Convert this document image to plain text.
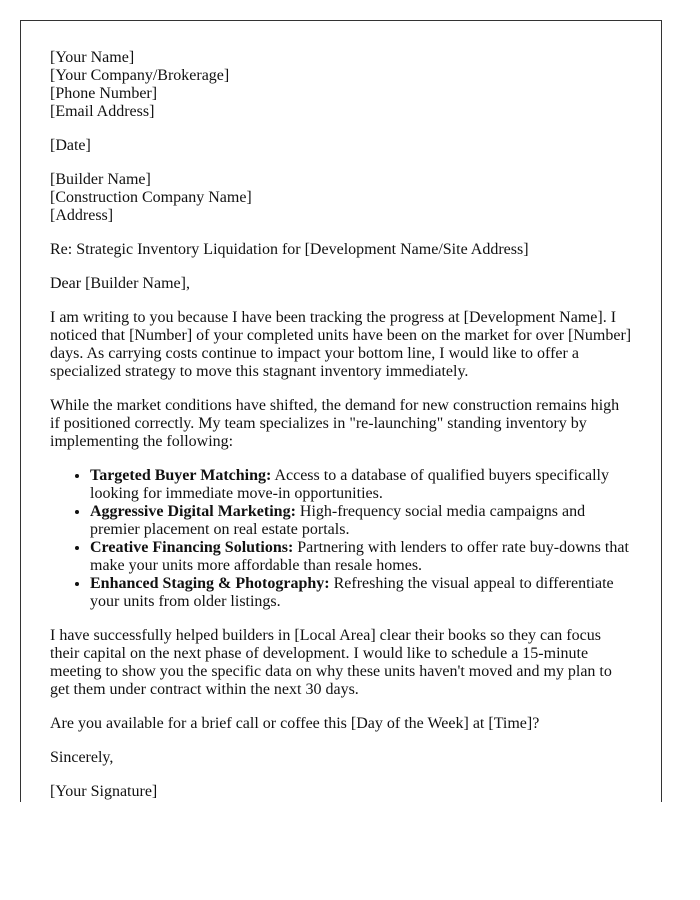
[Your Name]
[Your Company/Brokerage]
[Phone Number]
[Email Address]

[Date]

[Builder Name]
[Construction Company Name]
[Address]

Re: Strategic Inventory Liquidation for [Development Name/Site Address]

Dear [Builder Name],

I am writing to you because I have been tracking the progress at [Development Name]. I noticed that [Number] of your completed units have been on the market for over [Number] days. As carrying costs continue to impact your bottom line, I would like to offer a specialized strategy to move this stagnant inventory immediately.

While the market conditions have shifted, the demand for new construction remains high if positioned correctly. My team specializes in "re-launching" standing inventory by implementing the following:

• Targeted Buyer Matching: Access to a database of qualified buyers specifically looking for immediate move-in opportunities.
• Aggressive Digital Marketing: High-frequency social media campaigns and premier placement on real estate portals.
• Creative Financing Solutions: Partnering with lenders to offer rate buy-downs that make your units more affordable than resale homes.
• Enhanced Staging & Photography: Refreshing the visual appeal to differentiate your units from older listings.

I have successfully helped builders in [Local Area] clear their books so they can focus their capital on the next phase of development. I would like to schedule a 15-minute meeting to show you the specific data on why these units haven't moved and my plan to get them under contract within the next 30 days.

Are you available for a brief call or coffee this [Day of the Week] at [Time]?

Sincerely,

[Your Signature]
